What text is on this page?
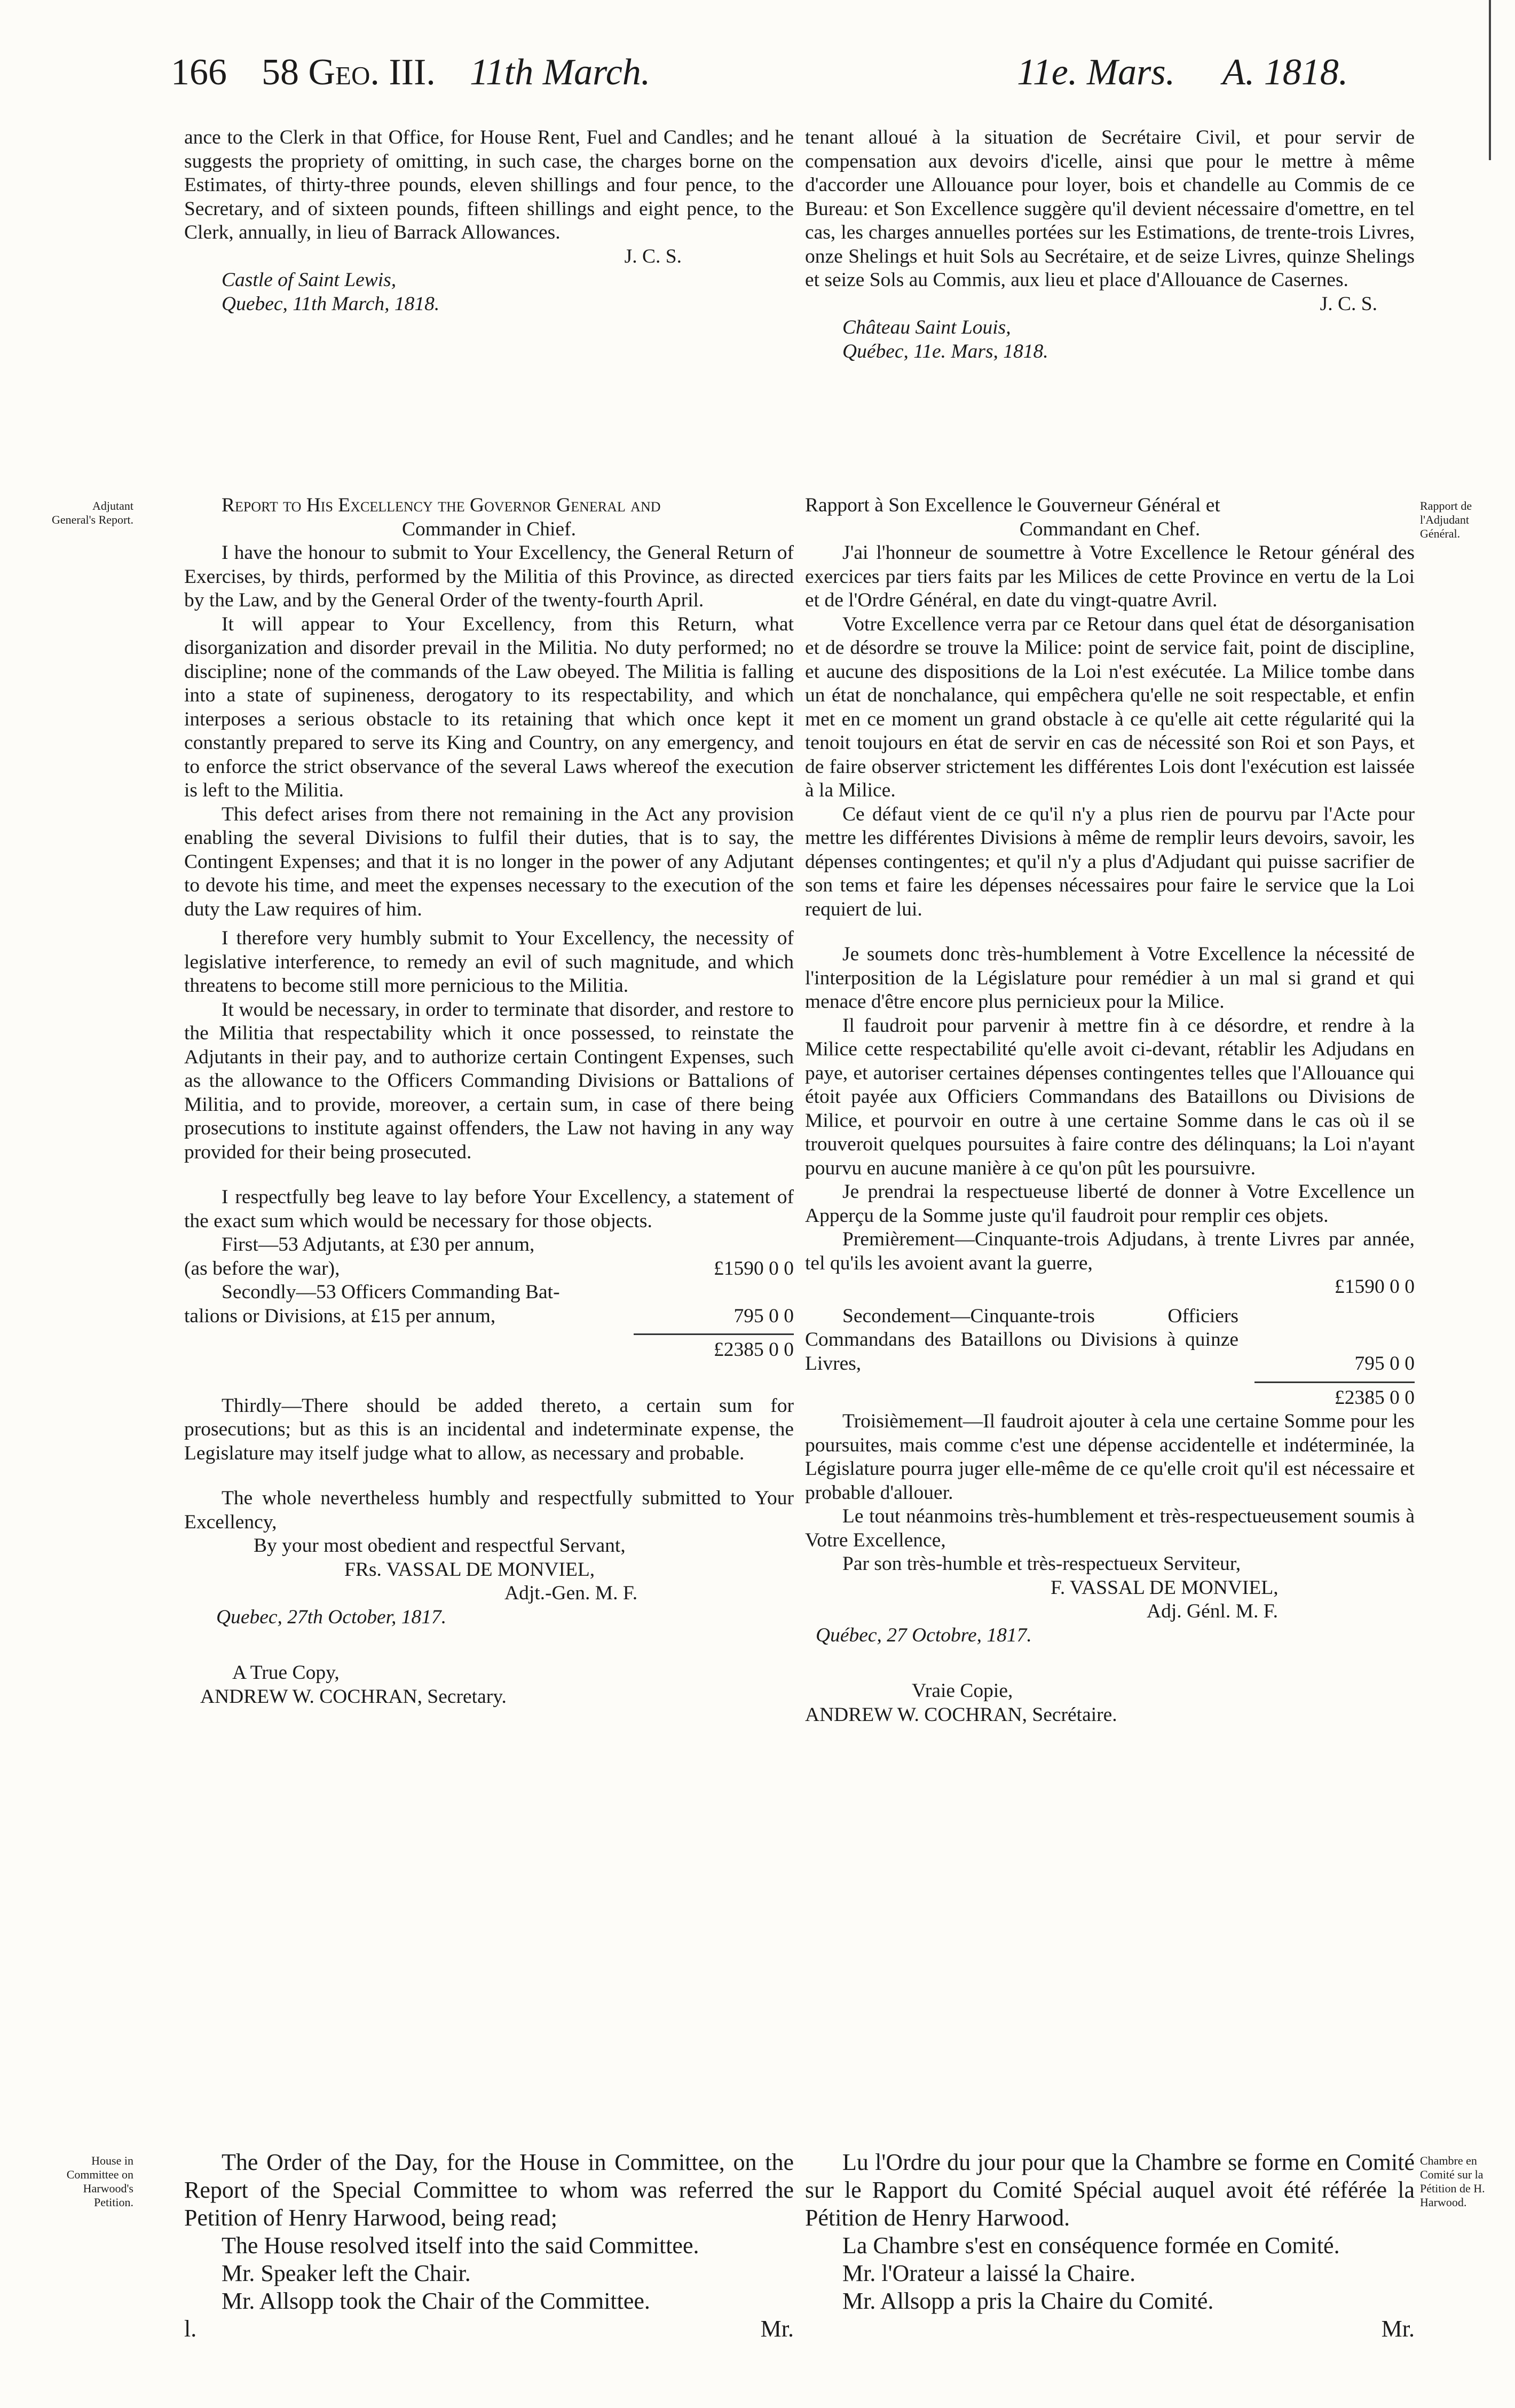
166 58 Geo. III. 11th March.	11e. Mars. A. 1818.

ance to the Clerk in that Office, for House Rent, Fuel and Candles; and he suggests the propriety of omitting, in such case, the charges borne on the Estimates, of thirty-three pounds, eleven shillings and four pence, to the Secretary, and of sixteen pounds, fifteen shillings and eight pence, to the Clerk, annually, in lieu of Barrack Allowances.

J. C. S.

Castle of Saint Lewis,

Quebec, 11th March, 1818.

tenant alloué à la situation de Secrétaire Civil, et pour servir de compensation aux devoirs d'icelle, ainsi que pour le mettre à même d'accorder une Allouance pour loyer, bois et chandelle au Commis de ce Bureau: et Son Excellence suggère qu'il devient nécessaire d'omettre, en tel cas, les charges annuelles portées sur les Estimations, de trente-trois Livres, onze Shelings et huit Sols au Secrétaire, et de seize Livres, quinze Shelings et seize Sols au Commis, aux lieu et place d'Allouance de Casernes.

J. C. S.

Château Saint Louis,

Québec, 11e. Mars, 1818.

Adjutant General's Report.
Rapport de l'Adjudant Général.
House in Committee on Harwood's Petition.
Chambre en Comité sur la Pétition de H. Harwood.

Report to His Excellency the Governor General and

Commander in Chief.

I have the honour to submit to Your Excellency, the General Return of Exercises, by thirds, performed by the Militia of this Province, as directed by the Law, and by the General Order of the twenty-fourth April.

It will appear to Your Excellency, from this Return, what disorganization and disorder prevail in the Militia. No duty performed; no discipline; none of the commands of the Law obeyed. The Militia is falling into a state of supineness, derogatory to its respectability, and which interposes a serious obstacle to its retaining that which once kept it constantly prepared to serve its King and Country, on any emergency, and to enforce the strict observance of the several Laws whereof the execution is left to the Militia.

This defect arises from there not remaining in the Act any provision enabling the several Divisions to fulfil their duties, that is to say, the Contingent Expenses; and that it is no longer in the power of any Adjutant to devote his time, and meet the expenses necessary to the execution of the duty the Law requires of him.

I therefore very humbly submit to Your Excellency, the necessity of legislative interference, to remedy an evil of such magnitude, and which threatens to become still more pernicious to the Militia.

It would be necessary, in order to terminate that disorder, and restore to the Militia that respectability which it once possessed, to reinstate the Adjutants in their pay, and to authorize certain Contingent Expenses, such as the allowance to the Officers Commanding Divisions or Battalions of Militia, and to provide, moreover, a certain sum, in case of there being prosecutions to institute against offenders, the Law not having in any way provided for their being prosecuted.

I respectfully beg leave to lay before Your Excellency, a statement of the exact sum which would be necessary for those objects.

First—53 Adjutants, at £30 per annum,

(as before the war),	£1590 0 0

Secondly—53 Officers Commanding Bat-

talions or Divisions, at £15 per annum,	795 0 0

£2385 0 0

Thirdly—There should be added thereto, a certain sum for prosecutions; but as this is an incidental and indeterminate expense, the Legislature may itself judge what to allow, as necessary and probable.

The whole nevertheless humbly and respectfully submitted to Your Excellency,

By your most obedient and respectful Servant,

FRs. VASSAL DE MONVIEL,

Adjt.-Gen. M. F.

Quebec, 27th October, 1817.

A True Copy,

ANDREW W. COCHRAN, Secretary.

Rapport à Son Excellence le Gouverneur Général et

Commandant en Chef.

J'ai l'honneur de soumettre à Votre Excellence le Retour général des exercices par tiers faits par les Milices de cette Province en vertu de la Loi et de l'Ordre Général, en date du vingt-quatre Avril.

Votre Excellence verra par ce Retour dans quel état de désorganisation et de désordre se trouve la Milice: point de service fait, point de discipline, et aucune des dispositions de la Loi n'est exécutée. La Milice tombe dans un état de nonchalance, qui empêchera qu'elle ne soit respectable, et enfin met en ce moment un grand obstacle à ce qu'elle ait cette régularité qui la tenoit toujours en état de servir en cas de nécessité son Roi et son Pays, et de faire observer strictement les différentes Lois dont l'exécution est laissée à la Milice.

Ce défaut vient de ce qu'il n'y a plus rien de pourvu par l'Acte pour mettre les différentes Divisions à même de remplir leurs devoirs, savoir, les dépenses contingentes; et qu'il n'y a plus d'Adjudant qui puisse sacrifier de son tems et faire les dépenses nécessaires pour faire le service que la Loi requiert de lui.

Je soumets donc très-humblement à Votre Excellence la nécessité de l'interposition de la Législature pour remédier à un mal si grand et qui menace d'être encore plus pernicieux pour la Milice.

Il faudroit pour parvenir à mettre fin à ce désordre, et rendre à la Milice cette respectabilité qu'elle avoit ci-devant, rétablir les Adjudans en paye, et autoriser certaines dépenses contingentes telles que l'Allouance qui étoit payée aux Officiers Commandans des Bataillons ou Divisions de Milice, et pourvoir en outre à une certaine Somme dans le cas où il se trouveroit quelques poursuites à faire contre des délinquans; la Loi n'ayant pourvu en aucune manière à ce qu'on pût les poursuivre.

Je prendrai la respectueuse liberté de donner à Votre Excellence un Apperçu de la Somme juste qu'il faudroit pour remplir ces objets.

Premièrement—Cinquante-trois Adjudans, à trente Livres par année, tel qu'ils les avoient avant la guerre,

£1590 0 0

Secondement—Cinquante-trois Officiers Commandans des Bataillons ou Divisions à quinze Livres,	795 0 0

£2385 0 0

Troisièmement—Il faudroit ajouter à cela une certaine Somme pour les poursuites, mais comme c'est une dépense accidentelle et indéterminée, la Législature pourra juger elle-même de ce qu'elle croit qu'il est nécessaire et probable d'allouer.

Le tout néanmoins très-humblement et très-respectueusement soumis à Votre Excellence,

Par son très-humble et très-respectueux Serviteur,

F. VASSAL DE MONVIEL,

Adj. Génl. M. F.

Québec, 27 Octobre, 1817.

Vraie Copie,

ANDREW W. COCHRAN, Secrétaire.

The Order of the Day, for the House in Committee, on the Report of the Special Committee to whom was referred the Petition of Henry Harwood, being read;

The House resolved itself into the said Committee.

Mr. Speaker left the Chair.

Mr. Allsopp took the Chair of the Committee.

l.	Mr.

Lu l'Ordre du jour pour que la Chambre se forme en Comité sur le Rapport du Comité Spécial auquel avoit été référée la Pétition de Henry Harwood.

La Chambre s'est en conséquence formée en Comité.

Mr. l'Orateur a laissé la Chaire.

Mr. Allsopp a pris la Chaire du Comité.

Mr.
